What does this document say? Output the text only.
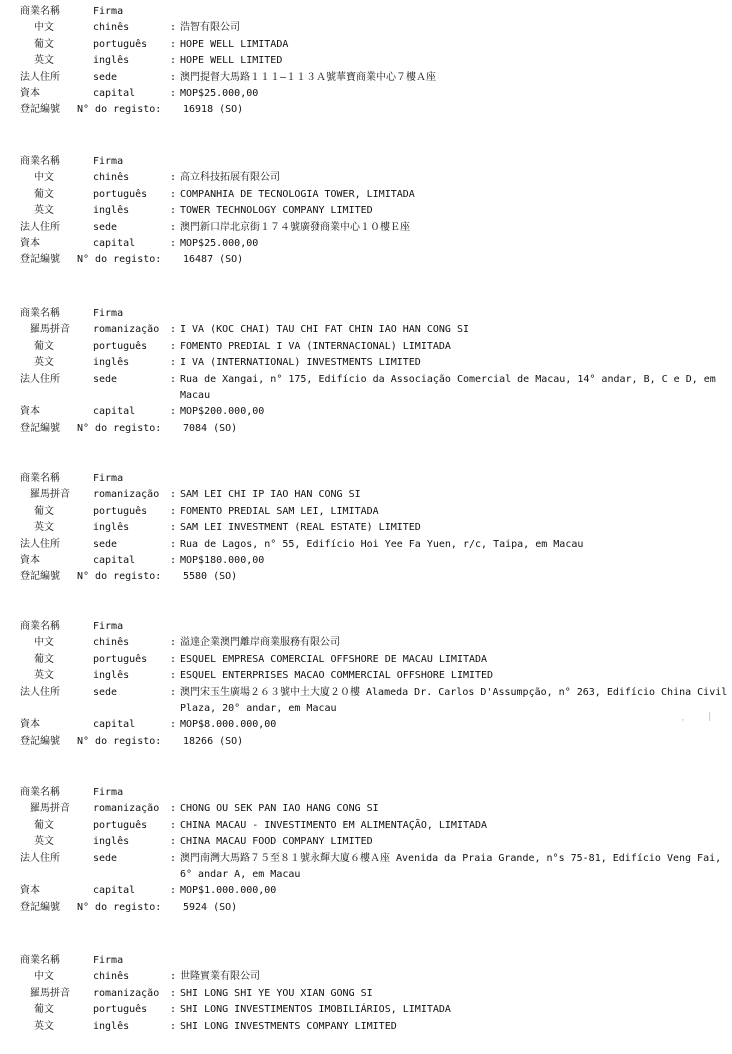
商業名稱	Firma
中文	chinês	: 浩智有限公司
葡文	português : HOPE WELL LIMITADA
英文	inglês	: HOPE WELL LIMITED
法人住所	sede	: 澳門提督大馬路１１１—１１３Ａ號華寶商業中心７樓Ａ座
資本	capital	: MOP$25.000,00
登記編號 N° do registo: 16918 (SO)
商業名稱	Firma
中文	chinês	: 高立科技拓展有限公司
葡文	português : COMPANHIA DE TECNOLOGIA TOWER, LIMITADA
英文	inglês	: TOWER TECHNOLOGY COMPANY LIMITED
法人住所	sede	: 澳門新口岸北京街１７４號廣發商業中心１０樓Ｅ座
資本	capital	: MOP$25.000,00
登記編號 N° do registo: 16487 (SO)
商業名稱	Firma
羅馬拼音 romanização : I VA (KOC CHAI) TAU CHI FAT CHIN IAO HAN CONG SI
葡文	português : FOMENTO PREDIAL I VA (INTERNACIONAL) LIMITADA
英文	inglês	: I VA (INTERNATIONAL) INVESTMENTS LIMITED
法人住所	sede	: Rua de Xangai, n° 175, Edifício da Associação Comercial de Macau, 14° andar, B, C e D, em Macau
資本	capital	: MOP$200.000,00
登記編號 N° do registo: 7084 (SO)
商業名稱	Firma
羅馬拼音 romanização : SAM LEI CHI IP IAO HAN CONG SI
葡文	português : FOMENTO PREDIAL SAM LEI, LIMITADA
英文	inglês	: SAM LEI INVESTMENT (REAL ESTATE) LIMITED
法人住所	sede	: Rua de Lagos, n° 55, Edifício Hoi Yee Fa Yuen, r/c, Taipa, em Macau
資本	capital	: MOP$180.000,00
登記編號 N° do registo: 5580 (SO)
商業名稱	Firma
中文	chinês	: 溢達企業澳門離岸商業服務有限公司
葡文	português : ESQUEL EMPRESA COMERCIAL OFFSHORE DE MACAU LIMITADA
英文	inglês	: ESQUEL ENTERPRISES MACAO COMMERCIAL OFFSHORE LIMITED
法人住所	sede	: 澳門宋玉生廣場２６３號中土大廈２０樓 Alameda Dr. Carlos D'Assumpção, n° 263, Edifício China Civil Plaza, 20° andar, em Macau
資本	capital	: MOP$8.000.000,00
登記編號 N° do registo: 18266 (SO)
商業名稱	Firma
羅馬拼音 romanização : CHONG OU SEK PAN IAO HANG CONG SI
葡文	português : CHINA MACAU - INVESTIMENTO EM ALIMENTAÇÃO, LIMITADA
英文	inglês	: CHINA MACAU FOOD COMPANY LIMITED
法人住所	sede	: 澳門南灣大馬路７５至８１號永輝大廈６樓Ａ座 Avenida da Praia Grande, n°s 75-81, Edifício Veng Fai, 6° andar A, em Macau
資本	capital	: MOP$1.000.000,00
登記編號 N° do registo: 5924 (SO)
商業名稱	Firma
中文	chinês	: 世隆實業有限公司
羅馬拼音 romanização : SHI LONG SHI YE YOU XIAN GONG SI
葡文	português : SHI LONG INVESTIMENTOS IMOBILIÁRIOS, LIMITADA
英文	inglês	: SHI LONG INVESTMENTS COMPANY LIMITED
· |
